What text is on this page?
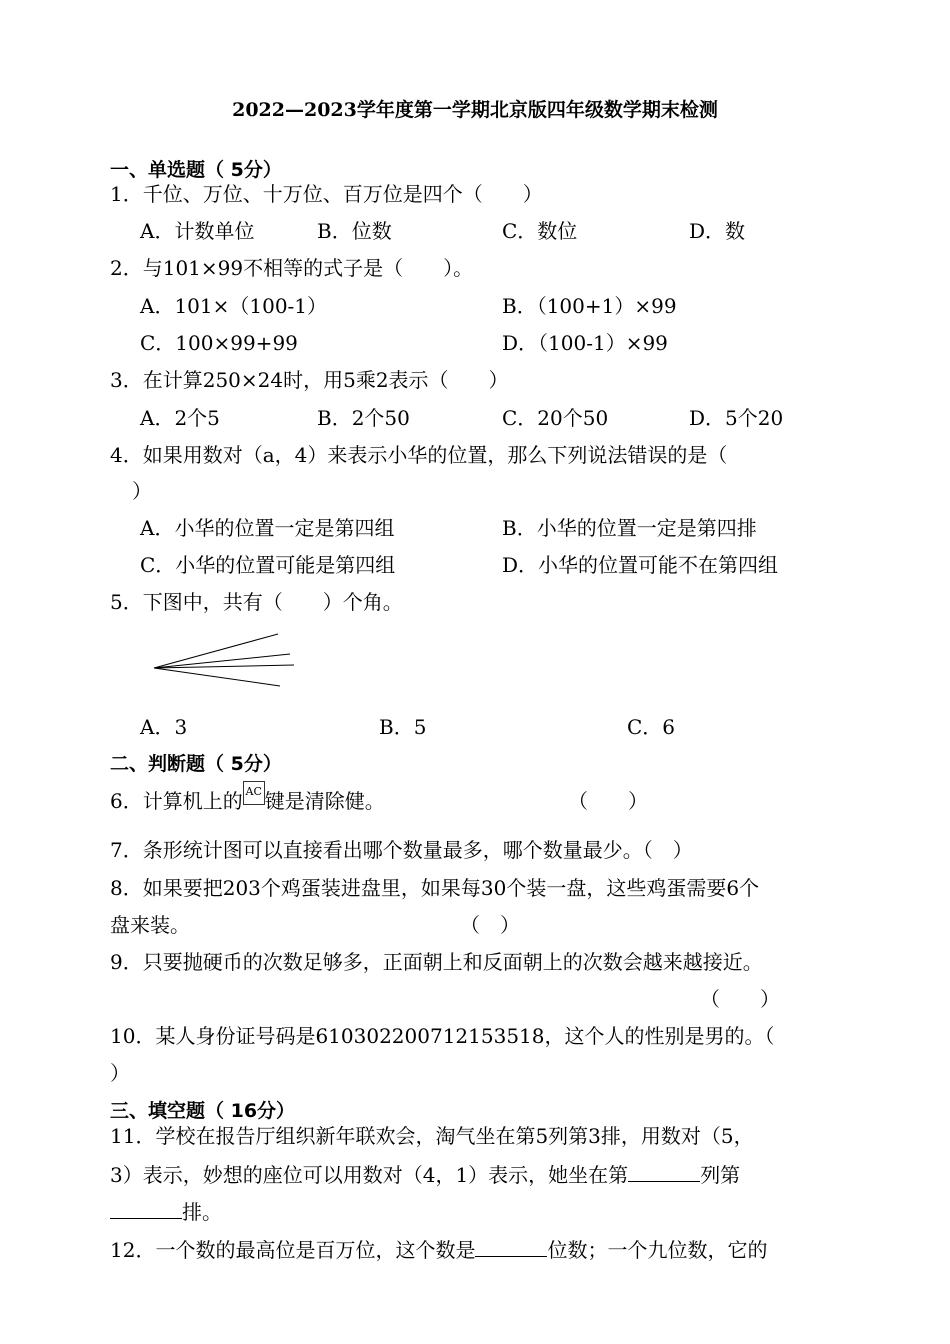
2022—2023学年度第一学期北京版四年级数学期末检测
一、单选题（ 5分）
1．千位、万位、十万位、百万位是四个（　　）
A．计数单位	B．位数	C．数位	D．数
2．与101×99不相等的式子是（　　）。
A．101×（100-1）	B．（100+1）×99
C．100×99+99	D．（100-1）×99
3．在计算250×24时，用5乘2表示（　　）
A．2个5	B．2个50	C．20个50	D．5个20
4．如果用数对（a，4）来表示小华的位置，那么下列说法错误的是（
）
A．小华的位置一定是第四组	B．小华的位置一定是第四排
C．小华的位置可能是第四组	D．小华的位置可能不在第四组
5．下图中，共有（　　）个角。
A．3	B．5	C．6
二、判断题（ 5分）
6．计算机上的 AC 键是清除健。	（　　）
7．条形统计图可以直接看出哪个数量最多，哪个数量最少。（　）
8．如果要把203个鸡蛋装进盘里，如果每30个装一盘，这些鸡蛋需要6个
盘来装。	（　）
9．只要抛硬币的次数足够多，正面朝上和反面朝上的次数会越来越接近。
（　　）
10．某人身份证号码是610302200712153518，这个人的性别是男的。（
）
三、填空题（ 16分）
11．学校在报告厅组织新年联欢会，淘气坐在第5列第3排，用数对（5，
3）表示，妙想的座位可以用数对（4，1）表示，她坐在第	列第
排。
12．一个数的最高位是百万位，这个数是	位数；一个九位数，它的
